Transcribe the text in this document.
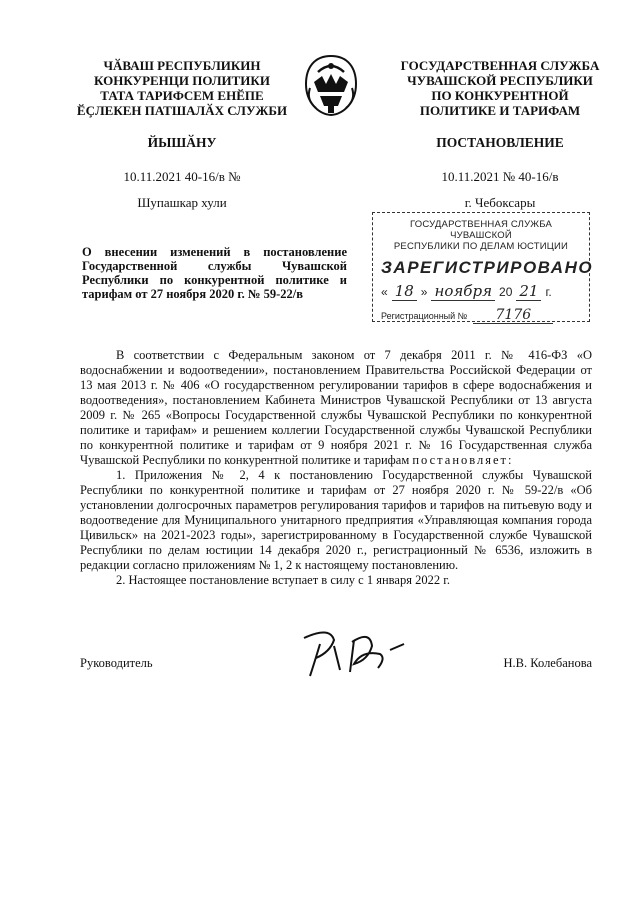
ЧӐВАШ РЕСПУБЛИКИН
КОНКУРЕНЦИ ПОЛИТИКИ
ТАТА ТАРИФСЕМ ЕНӖПЕ
ӖҪЛЕКЕН ПАТШАЛӐХ СЛУЖБИ
ГОСУДАРСТВЕННАЯ СЛУЖБА
ЧУВАШСКОЙ РЕСПУБЛИКИ
ПО КОНКУРЕНТНОЙ
ПОЛИТИКЕ И ТАРИФАМ
ЙЫШӐНУ	ПОСТАНОВЛЕНИЕ
10.11.2021 40-16/в №	10.11.2021 № 40-16/в
Шупашкар хули	г. Чебоксары
ГОСУДАРСТВЕННАЯ СЛУЖБА ЧУВАШСКОЙ
РЕСПУБЛИКИ ПО ДЕЛАМ ЮСТИЦИИ
ЗАРЕГИСТРИРОВАНО
« 18 » ноября 20 21 г.
Регистрационный №	7176
О внесении изменений в постановление
Государственной службы Чувашской
Республики по конкурентной политике и
тарифам от 27 ноября 2020 г. № 59-22/в

В соответствии с Федеральным законом от 7 декабря 2011 г. № 416-ФЗ «О водоснабжении и водоотведении», постановлением Правительства Российской Федерации от 13 мая 2013 г. № 406 «О государственном регулировании тарифов в сфере водоснабжения и водоотведения», постановлением Кабинета Министров Чувашской Республики от 13 августа 2009 г. № 265 «Вопросы Государственной службы Чувашской Республики по конкурентной политике и тарифам» и решением коллегии Государственной службы Чувашской Республики по конкурентной политике и тарифам от 9 ноября 2021 г. № 16 Государственная служба Чувашской Республики по конкурентной политике и тарифам постановляет:

1. Приложения № 2, 4 к постановлению Государственной службы Чувашской Республики по конкурентной политике и тарифам от 27 ноября 2020 г. № 59-22/в «Об установлении долгосрочных параметров регулирования тарифов и тарифов на питьевую воду и водоотведение для Муниципального унитарного предприятия «Управляющая компания города Цивильск» на 2021-2023 годы», зарегистрированному в Государственной службе Чувашской Республики по делам юстиции 14 декабря 2020 г., регистрационный № 6536, изложить в редакции согласно приложениям № 1, 2 к настоящему постановлению.

2. Настоящее постановление вступает в силу с 1 января 2022 г.

Руководитель	Н.В. Колебанова
